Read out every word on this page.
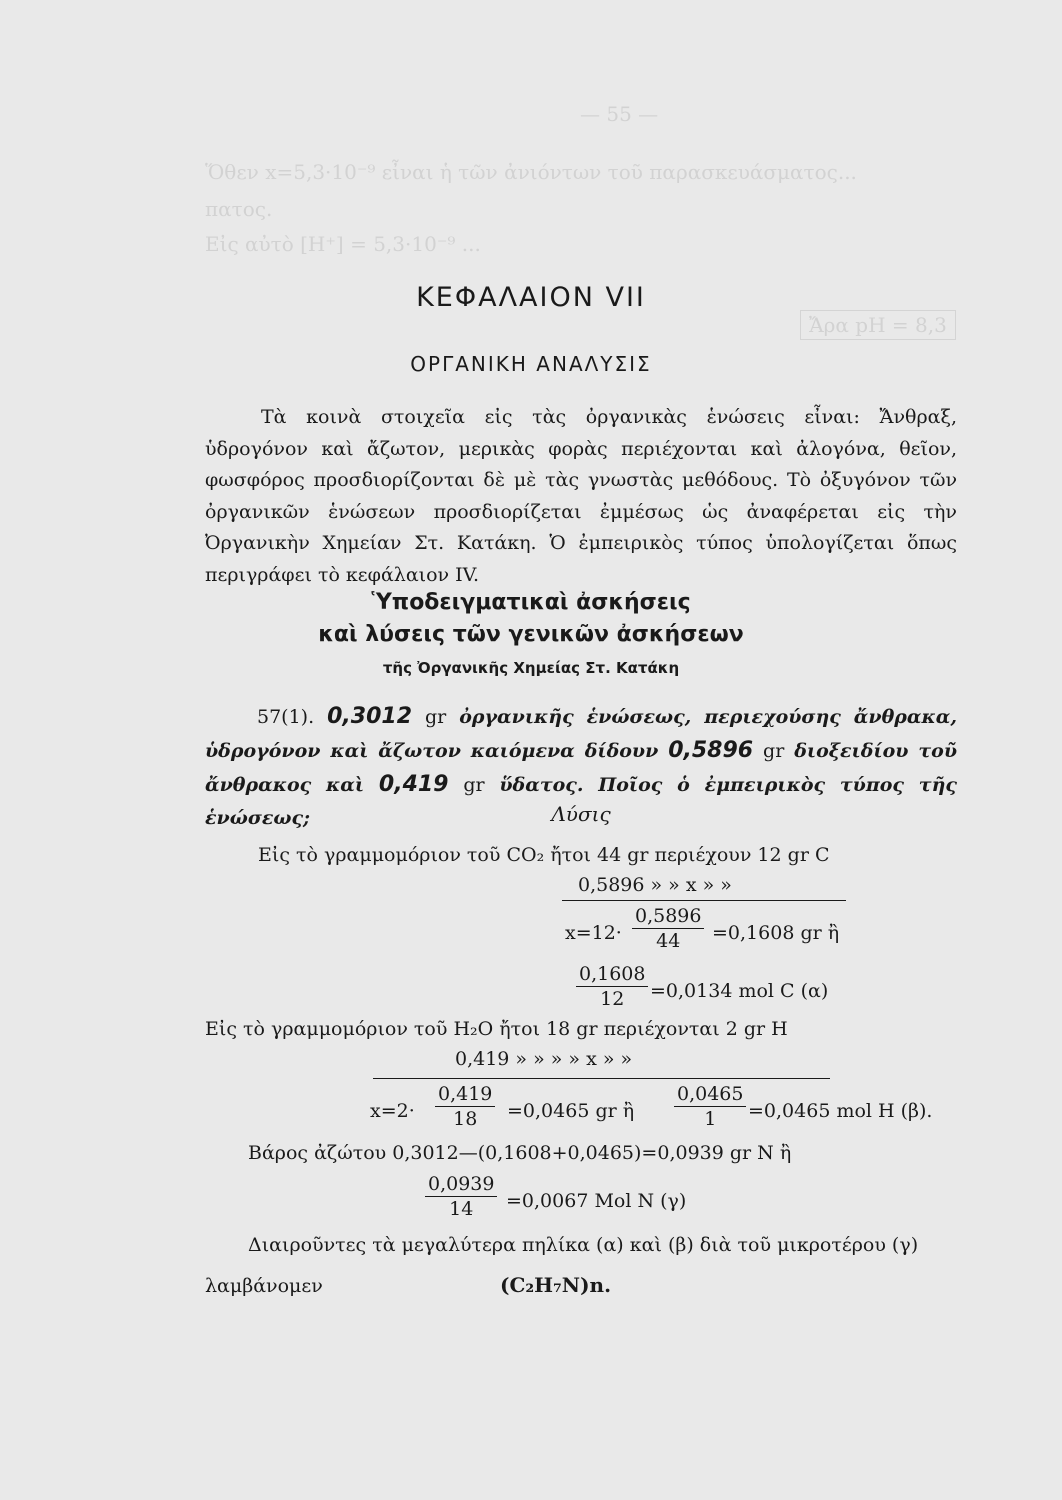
— 55 —
Ὅθεν x=5,3·10⁻⁹ εἶναι ἡ τῶν ἀνιόντων τοῦ παρασκευάσματος...
πατος.
Εἰς αὐτὸ [H⁺] = 5,3·10⁻⁹ ...
Ἄρα pH = 8,3
ΚΕΦΑΛΑΙΟΝ VII
ΟΡΓΑΝΙΚΗ ΑΝΑΛΥΣΙΣ

Τὰ κοινὰ στοιχεῖα εἰς τὰς ὀργανικὰς ἑνώσεις εἶναι: Ἄνθραξ, ὑδρογόνον καὶ ἄζωτον, μερικὰς φορὰς περιέχονται καὶ ἀλογόνα, θεῖον, φωσφόρος προσδιορίζονται δὲ μὲ τὰς γνωστὰς μεθόδους. Τὸ ὀξυγόνον τῶν ὀργανικῶν ἑνώσεων προσδιορίζεται ἐμμέσως ὡς ἀναφέρεται εἰς τὴν Ὀργανικὴν Χημείαν Στ. Κατάκη. Ὁ ἐμπειρικὸς τύπος ὑπολογίζεται ὅπως περιγράφει τὸ κεφάλαιον IV.

Ὑποδειγματικαὶ ἀσκήσεις
καὶ λύσεις τῶν γενικῶν ἀσκήσεων
τῆς Ὀργανικῆς Χημείας Στ. Κατάκη

57(1). 0,3012 gr ὀργανικῆς ἑνώσεως, περιεχούσης ἄνθρακα, ὑδρογόνον καὶ ἄζωτον καιόμενα δίδουν 0,5896 gr διοξειδίου τοῦ ἄνθρακος καὶ 0,419 gr ὕδατος. Ποῖος ὁ ἐμπειρικὸς τύπος τῆς ἑνώσεως;	Λύσις
Εἰς τὸ γραμμομόριον τοῦ CO₂ ἤτοι 44 gr περιέχουν 12 gr C
0,5896 » » x » »
$x=12\cdot \frac{0,5896}{44} =0,1608$ gr ἢ
$\frac{0,1608}{12} =0,0134$ mol C (α)
Εἰς τὸ γραμμομόριον τοῦ H₂O ἤτοι 18 gr περιέχονται 2 gr H
0,419 » » » » x » »
$x=2\cdot \frac{0,419}{18} =0,0465$ gr ἢ $\frac{0,0465}{1} =0,0465$ mol H (β).
Βάρος ἀζώτου 0,3012—(0,1608+0,0465)=0,0939 gr N ἢ
$\frac{0,0939}{14} =0,0067$ Mol N (γ)
Διαιροῦντες τὰ μεγαλύτερα πηλίκα (α) καὶ (β) διὰ τοῦ μικροτέρου (γ)
λαμβάνομεν	(C₂H₇N)n.
